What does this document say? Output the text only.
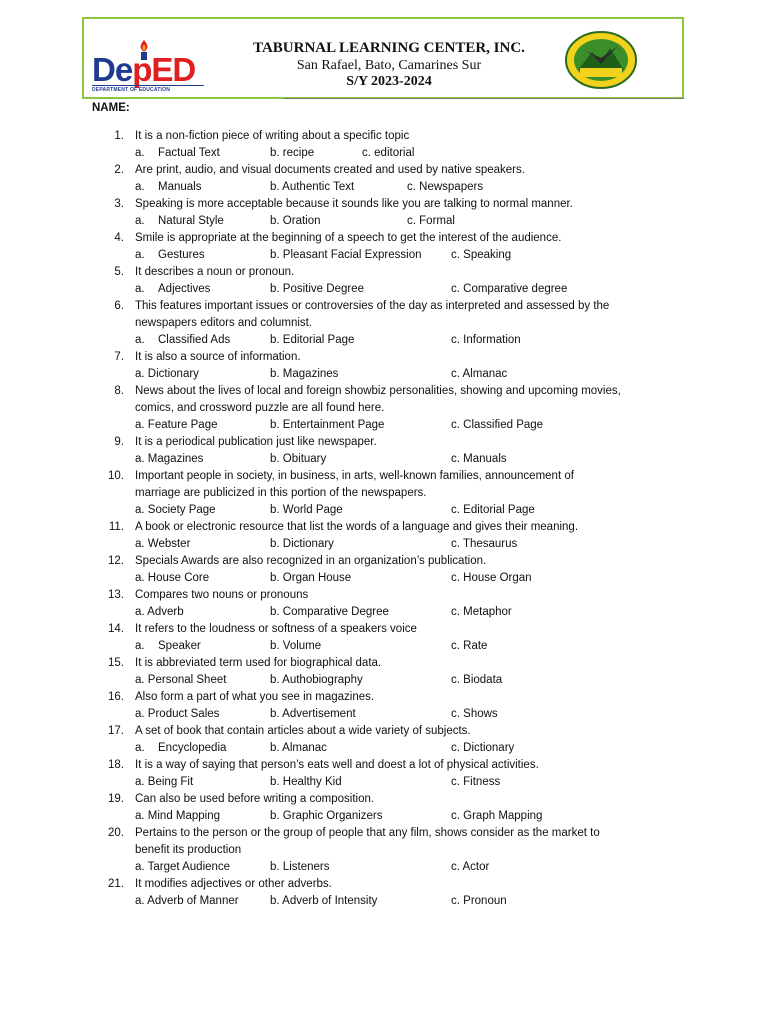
DepED
DEPARTMENT OF EDUCATION
TABURNAL LEARNING CENTER, INC.
San Rafael, Bato, Camarines Sur
S/Y 2023-2024
NAME:
1. It is a non-fiction piece of writing about a specific topic
a. Factual Text	b. recipe	c. editorial
2. Are print, audio, and visual documents created and used by native speakers.
a. Manuals	b. Authentic Text	c. Newspapers
3. Speaking is more acceptable because it sounds like you are talking to normal manner.
a. Natural Style	b. Oration	c. Formal
4. Smile is appropriate at the beginning of a speech to get the interest of the audience.
a. Gestures	b. Pleasant Facial Expression	c. Speaking
5. It describes a noun or pronoun.
a. Adjectives	b. Positive Degree	c. Comparative degree
6. This features important issues or controversies of the day as interpreted and assessed by the
newspapers editors and columnist.
a. Classified Ads	b. Editorial Page	c. Information
7. It is also a source of information.
a. Dictionary	b. Magazines	c. Almanac
8. News about the lives of local and foreign showbiz personalities, showing and upcoming movies,
comics, and crossword puzzle are all found here.
a. Feature Page	b. Entertainment Page	c. Classified Page
9. It is a periodical publication just like newspaper.
a. Magazines	b. Obituary	c. Manuals
10. Important people in society, in business, in arts, well-known families, announcement of
marriage are publicized in this portion of the newspapers.
a. Society Page	b. World Page	c. Editorial Page
11. A book or electronic resource that list the words of a language and gives their meaning.
a. Webster	b. Dictionary	c. Thesaurus
12. Specials Awards are also recognized in an organization’s publication.
a. House Core	b. Organ House	c. House Organ
13. Compares two nouns or pronouns
a. Adverb	b. Comparative Degree	c. Metaphor
14. It refers to the loudness or softness of a speakers voice
a. Speaker	b. Volume	c. Rate
15. It is abbreviated term used for biographical data.
a. Personal Sheet	b. Authobiography	c. Biodata
16. Also form a part of what you see in magazines.
a. Product Sales	b. Advertisement	c. Shows
17. A set of book that contain articles about a wide variety of subjects.
a. Encyclopedia	b. Almanac	c. Dictionary
18. It is a way of saying that person’s eats well and doest a lot of physical activities.
a. Being Fit	b. Healthy Kid	c. Fitness
19. Can also be used before writing a composition.
a. Mind Mapping	b. Graphic Organizers	c. Graph Mapping
20. Pertains to the person or the group of people that any film, shows consider as the market to
benefit its production
a. Target Audience	b. Listeners	c. Actor
21. It modifies adjectives or other adverbs.
a. Adverb of Manner	b. Adverb of Intensity	c. Pronoun
